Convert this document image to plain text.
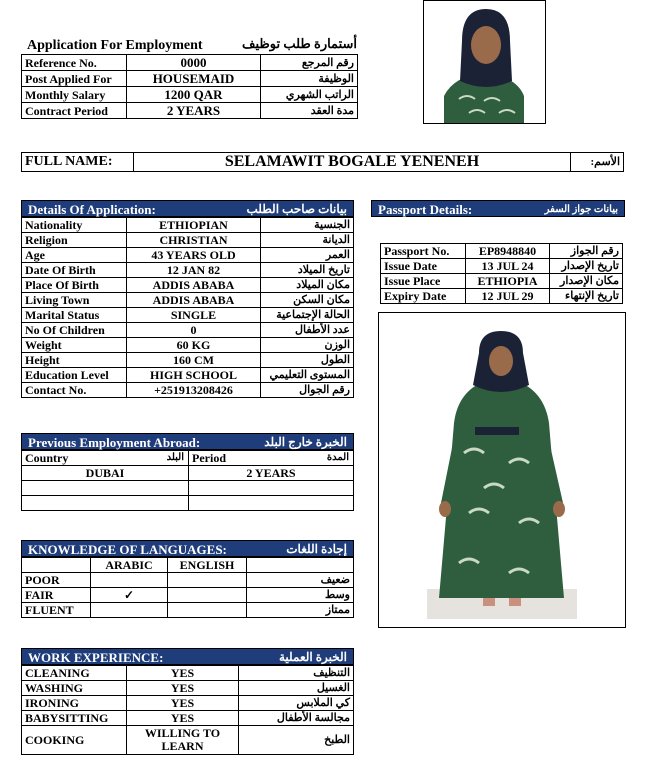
Application For Employment	أستمارة طلب توظيف
Reference No.	0000	رقم المرجع
Post Applied For	HOUSEMAID	الوظيفة
Monthly Salary	1200 QAR	الراتب الشهري
Contract Period	2 YEARS	مدة العقد
FULL NAME:	SELAMAWIT BOGALE YENENEH	الأسم:
Details Of Application:	بيانات صاحب الطلب
Nationality	ETHIOPIAN	الجنسية
Religion	CHRISTIAN	الديانة
Age	43 YEARS OLD	العمر
Date Of Birth	12 JAN 82	تاريخ الميلاد
Place Of Birth	ADDIS ABABA	مكان الميلاد
Living Town	ADDIS ABABA	مكان السكن
Marital Status	SINGLE	الحالة الإجتماعية
No Of Children	0	عدد الأطفال
Weight	60 KG	الوزن
Height	160 CM	الطول
Education Level	HIGH SCHOOL	المستوى التعليمي
Contact No.	+251913208426	رقم الجوال
Passport Details:	بيانات جواز السفر
Passport No.	EP8948840	رقم الجواز
Issue Date	13 JUL 24	تاريخ الإصدار
Issue Place	ETHIOPIA	مكان الإصدار
Expiry Date	12 JUL 29	تاريخ الإنتهاء
Previous Employment Abroad:	الخبرة خارج البلد
Country البلد	Period المدة

DUBAI	2 YEARS

KNOWLEDGE OF LANGUAGES:	إجادة اللغات
	ARABIC	ENGLISH	
POOR			ضعيف
FAIR	✓		وسط
FLUENT			ممتاز
WORK EXPERIENCE:	الخبرة العملية
CLEANING	YES	التنظيف
WASHING	YES	الغسيل
IRONING	YES	كي الملابس
BABYSITTING	YES	مجالسة الأطفال
COOKING	WILLING TO LEARN	الطبخ
